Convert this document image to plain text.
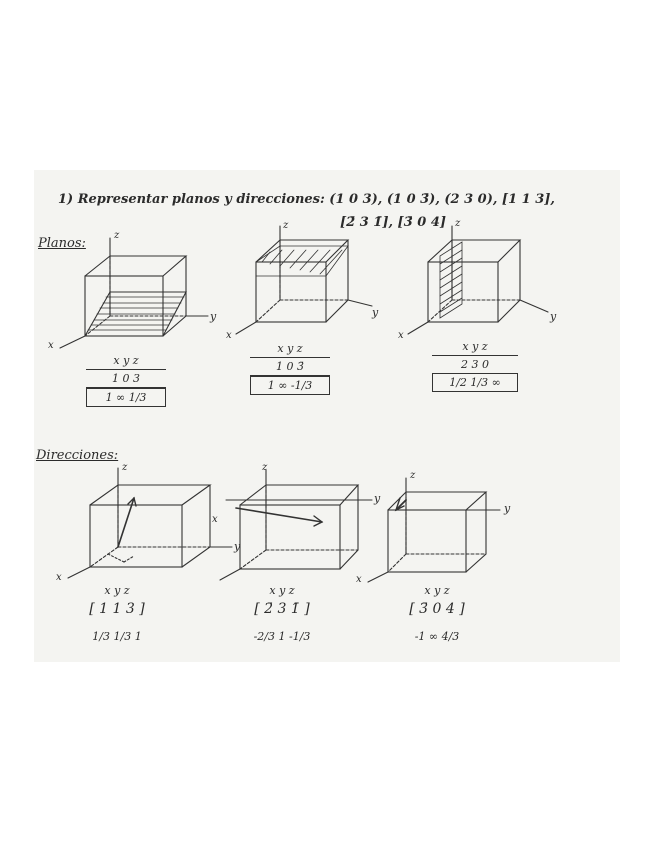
1) Representar planos y direcciones: (1 0 3), (1 0 3̄), (2 3 0), [1 1 3],
[2̄ 3 1̄], [3̄ 0 4]
Planos:
Direcciones:
z
y
x
z
y
x
z
y
x
z
y
x
z
y
x
z
y
x
x y z
1 0 3
1 ∞ 1/3
x y z
1 0 3̄
1 ∞ -1/3
x y z
2 3 0
1/2 1/3 ∞
x y z
[ 1 1 3 ]
1/3 1/3 1
x y z
[ 2̄ 3 1̄ ]
-2/3 1 -1/3
x y z
[ 3̄ 0 4 ]
-1 ∞ 4/3
